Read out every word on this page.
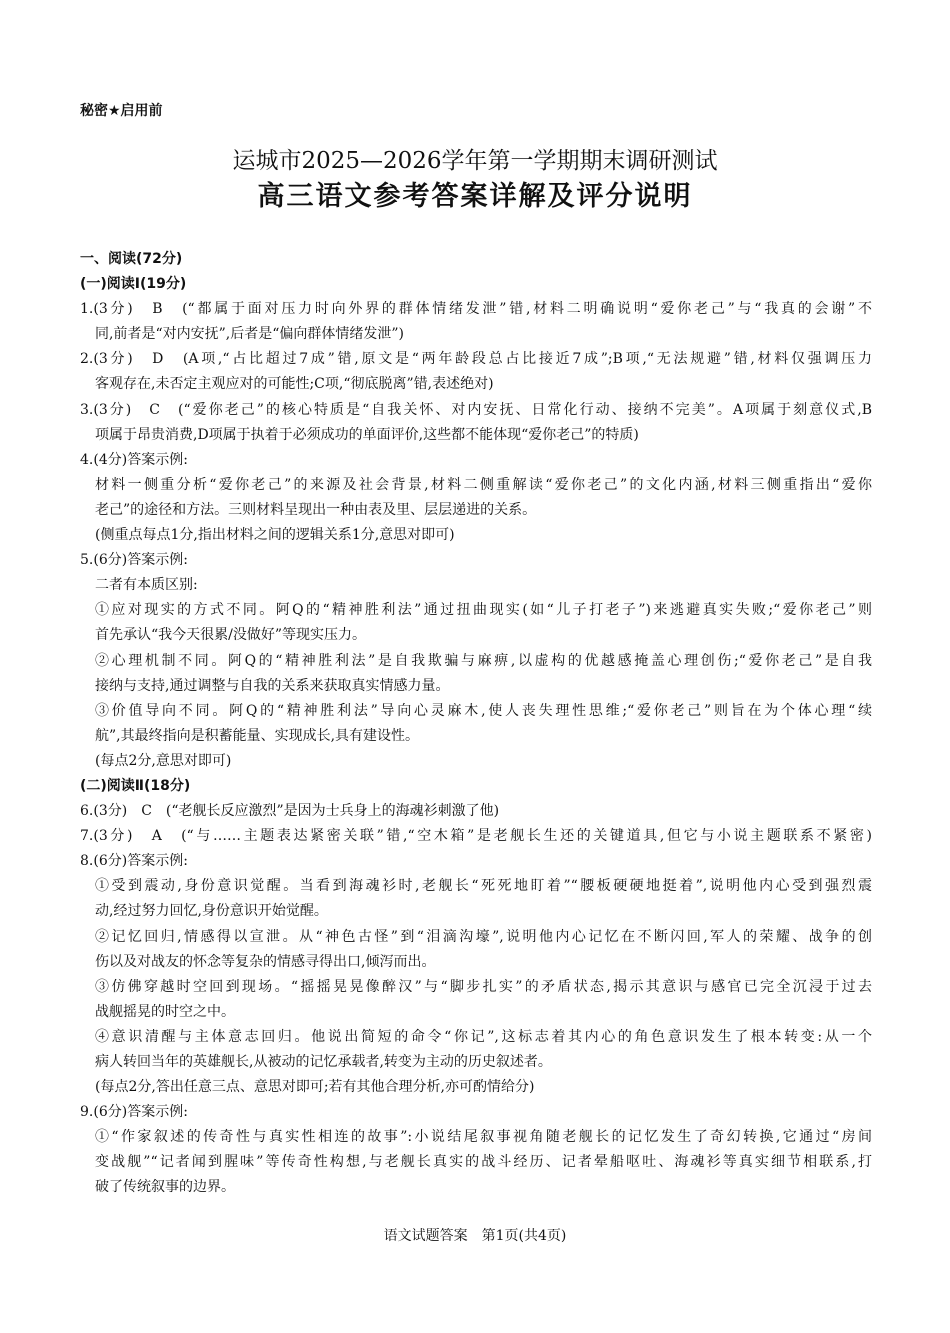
秘密★启用前
运城市2025—2026学年第一学期期末调研测试
高三语文参考答案详解及评分说明
一、阅读(72分)
(一)阅读Ⅰ(19分)
1.(3分)　B　(“都属于面对压力时向外界的群体情绪发泄”错,材料二明确说明“爱你老己”与“我真的会谢”不
同,前者是“对内安抚”,后者是“偏向群体情绪发泄”)
2.(3分)　D　(A项,“占比超过7成”错,原文是“两年龄段总占比接近7成”;B项,“无法规避”错,材料仅强调压力
客观存在,未否定主观应对的可能性;C项,“彻底脱离”错,表述绝对)
3.(3分)　C　(“爱你老己”的核心特质是“自我关怀、对内安抚、日常化行动、接纳不完美”。A项属于刻意仪式,B
项属于昂贵消费,D项属于执着于必须成功的单面评价,这些都不能体现“爱你老己”的特质)
4.(4分)答案示例:
材料一侧重分析“爱你老己”的来源及社会背景,材料二侧重解读“爱你老己”的文化内涵,材料三侧重指出“爱你
老己”的途径和方法。三则材料呈现出一种由表及里、层层递进的关系。
(侧重点每点1分,指出材料之间的逻辑关系1分,意思对即可)
5.(6分)答案示例:
二者有本质区别:
①应对现实的方式不同。阿Q的“精神胜利法”通过扭曲现实(如“儿子打老子”)来逃避真实失败;“爱你老己”则
首先承认“我今天很累/没做好”等现实压力。
②心理机制不同。阿Q的“精神胜利法”是自我欺骗与麻痹,以虚构的优越感掩盖心理创伤;“爱你老己”是自我
接纳与支持,通过调整与自我的关系来获取真实情感力量。
③价值导向不同。阿Q的“精神胜利法”导向心灵麻木,使人丧失理性思维;“爱你老己”则旨在为个体心理“续
航”,其最终指向是积蓄能量、实现成长,具有建设性。
(每点2分,意思对即可)
(二)阅读Ⅱ(18分)
6.(3分)　C　(“老舰长反应激烈”是因为士兵身上的海魂衫刺激了他)
7.(3分)　A　(“与……主题表达紧密关联”错,“空木箱”是老舰长生还的关键道具,但它与小说主题联系不紧密)
8.(6分)答案示例:
①受到震动,身份意识觉醒。当看到海魂衫时,老舰长“死死地盯着”“腰板硬硬地挺着”,说明他内心受到强烈震
动,经过努力回忆,身份意识开始觉醒。
②记忆回归,情感得以宣泄。从“神色古怪”到“泪滴沟壕”,说明他内心记忆在不断闪回,军人的荣耀、战争的创
伤以及对战友的怀念等复杂的情感寻得出口,倾泻而出。
③仿佛穿越时空回到现场。“摇摇晃晃像醉汉”与“脚步扎实”的矛盾状态,揭示其意识与感官已完全沉浸于过去
战舰摇晃的时空之中。
④意识清醒与主体意志回归。他说出简短的命令“你记”,这标志着其内心的角色意识发生了根本转变:从一个
病人转回当年的英雄舰长,从被动的记忆承载者,转变为主动的历史叙述者。
(每点2分,答出任意三点、意思对即可;若有其他合理分析,亦可酌情给分)
9.(6分)答案示例:
①“作家叙述的传奇性与真实性相连的故事”:小说结尾叙事视角随老舰长的记忆发生了奇幻转换,它通过“房间
变战舰”“记者闻到腥味”等传奇性构想,与老舰长真实的战斗经历、记者晕船呕吐、海魂衫等真实细节相联系,打
破了传统叙事的边界。
语文试题答案　第1页(共4页)
